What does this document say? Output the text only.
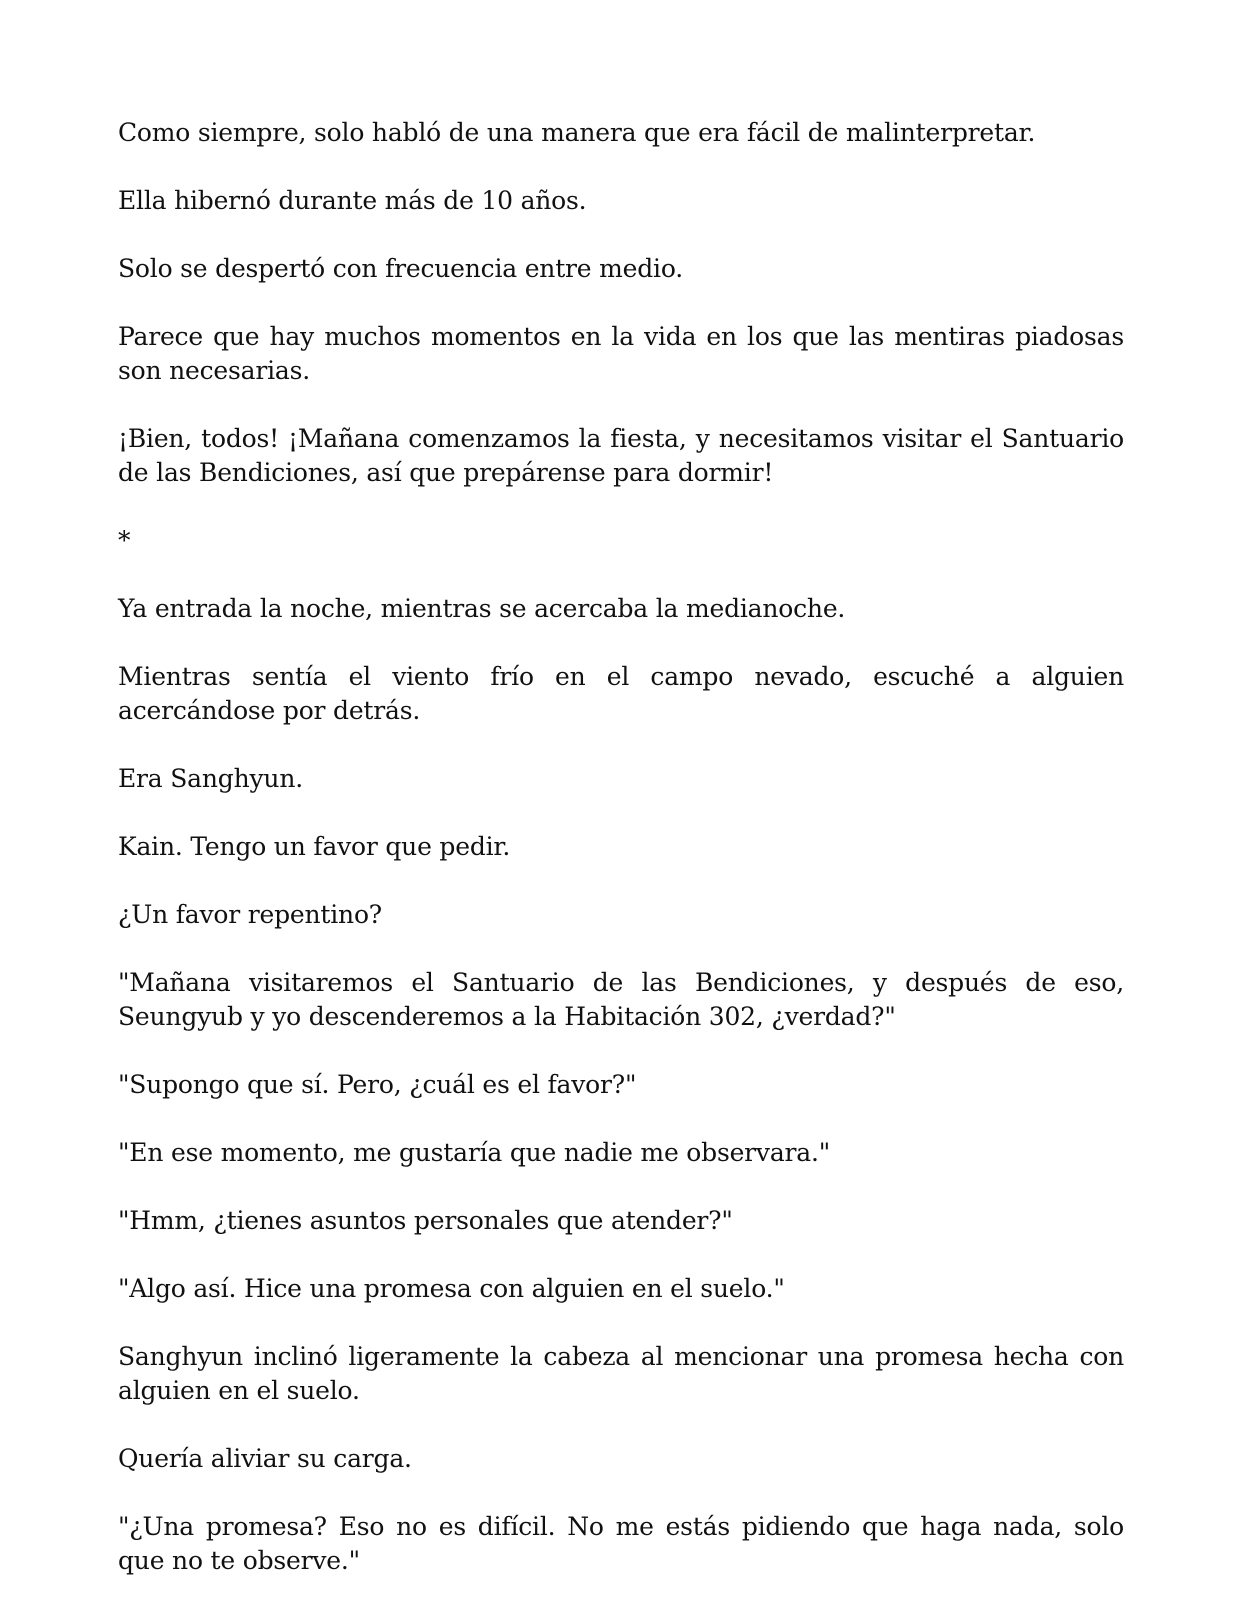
Como siempre, solo habló de una manera que era fácil de malinterpretar.

Ella hibernó durante más de 10 años.

Solo se despertó con frecuencia entre medio.

Parece que hay muchos momentos en la vida en los que las mentiras piadosas son necesarias.

¡Bien, todos! ¡Mañana comenzamos la fiesta, y necesitamos visitar el Santuario de las Bendiciones, así que prepárense para dormir!

*

Ya entrada la noche, mientras se acercaba la medianoche.

Mientras sentía el viento frío en el campo nevado, escuché a alguien acercándose por detrás.

Era Sanghyun.

Kain. Tengo un favor que pedir.

¿Un favor repentino?

"Mañana visitaremos el Santuario de las Bendiciones, y después de eso, Seungyub y yo descenderemos a la Habitación 302, ¿verdad?"

"Supongo que sí. Pero, ¿cuál es el favor?"

"En ese momento, me gustaría que nadie me observara."

"Hmm, ¿tienes asuntos personales que atender?"

"Algo así. Hice una promesa con alguien en el suelo."

Sanghyun inclinó ligeramente la cabeza al mencionar una promesa hecha con alguien en el suelo.

Quería aliviar su carga.

"¿Una promesa? Eso no es difícil. No me estás pidiendo que haga nada, solo que no te observe."
